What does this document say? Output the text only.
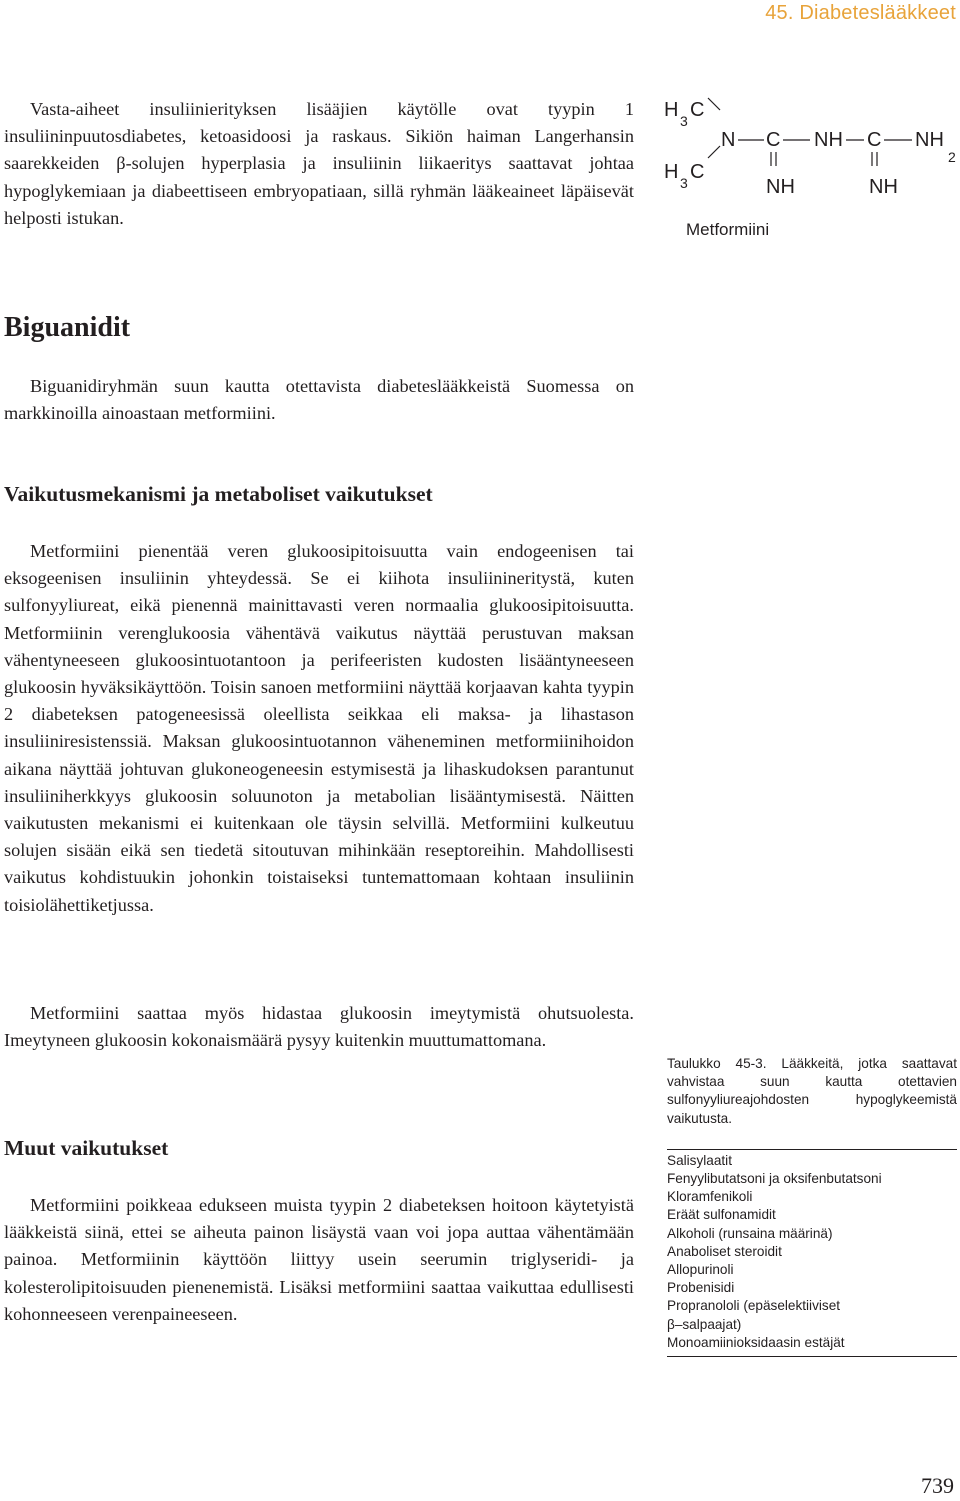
45. Diabeteslääkkeet

Vasta-aiheet insuliinierityksen lisääjien käytölle ovat tyypin 1 insuliininpuutosdiabetes, ketoasidoosi ja raskaus. Sikiön haiman Langerhansin saarekkeiden β-solujen hyperplasia ja insuliinin liikaeritys saattavat johtaa hypoglykemiaan ja diabeettiseen embryopatiaan, sillä ryhmän lääkeaineet läpäisevät helposti istukan.

H 3 C
H 3 C
N C
NH
NH C
NH
NH
2
Metformiini
Biguanidit

Biguanidiryhmän suun kautta otettavista diabeteslääkkeistä Suomessa on markkinoilla ainoastaan metformiini.

Vaikutusmekanismi ja metaboliset vaikutukset

Metformiini pienentää veren glukoosipitoisuutta vain endogeenisen tai eksogeenisen insuliinin yhteydessä. Se ei kiihota insuliinineritystä, kuten sulfonyyliureat, eikä pienennä mainittavasti veren normaalia glukoosipitoisuutta. Metformiinin verenglukoosia vähentävä vaikutus näyttää perustuvan maksan vähentyneeseen glukoosintuotantoon ja perifeeristen kudosten lisääntyneeseen glukoosin hyväksikäyttöön. Toisin sanoen metformiini näyttää korjaavan kahta tyypin 2 diabeteksen patogeneesissä oleellista seikkaa eli maksa- ja lihastason insuliiniresistenssiä. Maksan glukoosintuotannon väheneminen metformiinihoidon aikana näyttää johtuvan glukoneogeneesin estymisestä ja lihaskudoksen parantunut insuliiniherkkyys glukoosin soluunoton ja metabolian lisääntymisestä. Näitten vaikutusten mekanismi ei kuitenkaan ole täysin selvillä. Metformiini kulkeutuu solujen sisään eikä sen tiedetä sitoutuvan mihinkään reseptoreihin. Mahdollisesti vaikutus kohdistuukin johonkin toistaiseksi tuntemattomaan kohtaan insuliinin toisiolähettiketjussa.

Metformiini saattaa myös hidastaa glukoosin imeytymistä ohutsuolesta. Imeytyneen glukoosin kokonaismäärä pysyy kuitenkin muuttumattomana.

Muut vaikutukset

Metformiini poikkeaa edukseen muista tyypin 2 diabeteksen hoitoon käytetyistä lääkkeistä siinä, ettei se aiheuta painon lisäystä vaan voi jopa auttaa vähentämään painoa. Metformiinin käyttöön liittyy usein seerumin triglyseridi- ja kolesterolipitoisuuden pienenemistä. Lisäksi metformiini saattaa vaikuttaa edullisesti kohonneeseen verenpaineeseen.

Taulukko 45-3. Lääkkeitä, jotka saattavat vahvistaa suun kautta otettavien sulfonyyliureajohdosten hypoglykeemistä vaikutusta.

Salisylaatit
Fenyylibutatsoni ja oksifenbutatsoni
Kloramfenikoli
Eräät sulfonamidit
Alkoholi (runsaina määrinä)
Anaboliset steroidit
Allopurinoli
Probenisidi
Propranololi (epäselektiiviset
β–salpaajat)
Monoamiinioksidaasin estäjät
739
